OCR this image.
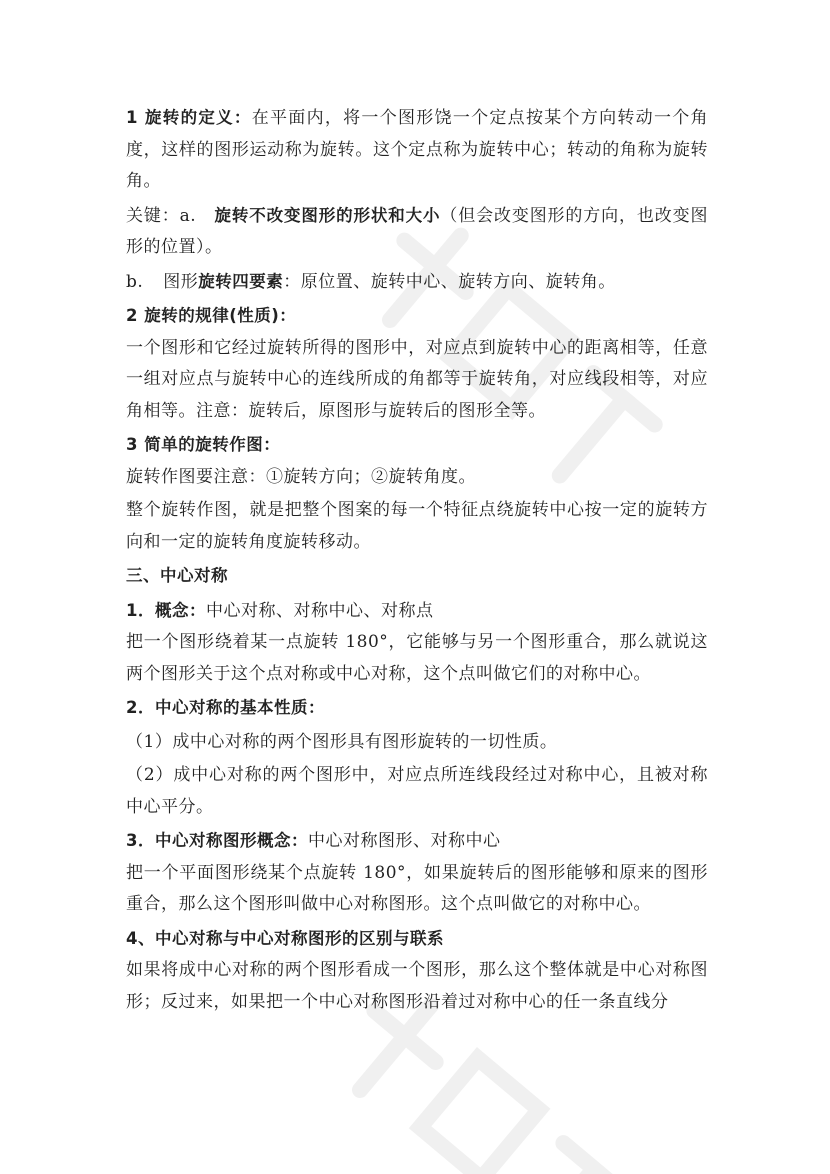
1 旋转的定义：在平面内，将一个图形饶一个定点按某个方向转动一个角度，这样的图形运动称为旋转。这个定点称为旋转中心；转动的角称为旋转角。

关键：a. 旋转不改变图形的形状和大小（但会改变图形的方向，也改变图形的位置）。

b. 图形旋转四要素：原位置、旋转中心、旋转方向、旋转角。

2 旋转的规律(性质)：

一个图形和它经过旋转所得的图形中，对应点到旋转中心的距离相等，任意一组对应点与旋转中心的连线所成的角都等于旋转角，对应线段相等，对应角相等。注意：旋转后，原图形与旋转后的图形全等。

3 简单的旋转作图：

旋转作图要注意：①旋转方向；②旋转角度。

整个旋转作图，就是把整个图案的每一个特征点绕旋转中心按一定的旋转方向和一定的旋转角度旋转移动。

三、中心对称

1．概念：中心对称、对称中心、对称点

把一个图形绕着某一点旋转 180°，它能够与另一个图形重合，那么就说这两个图形关于这个点对称或中心对称，这个点叫做它们的对称中心。

2．中心对称的基本性质：

（1）成中心对称的两个图形具有图形旋转的一切性质。

（2）成中心对称的两个图形中，对应点所连线段经过对称中心，且被对称中心平分。

3．中心对称图形概念：中心对称图形、对称中心

把一个平面图形绕某个点旋转 180°，如果旋转后的图形能够和原来的图形重合，那么这个图形叫做中心对称图形。这个点叫做它的对称中心。

4、中心对称与中心对称图形的区别与联系

如果将成中心对称的两个图形看成一个图形，那么这个整体就是中心对称图形；反过来，如果把一个中心对称图形沿着过对称中心的任一条直线分
